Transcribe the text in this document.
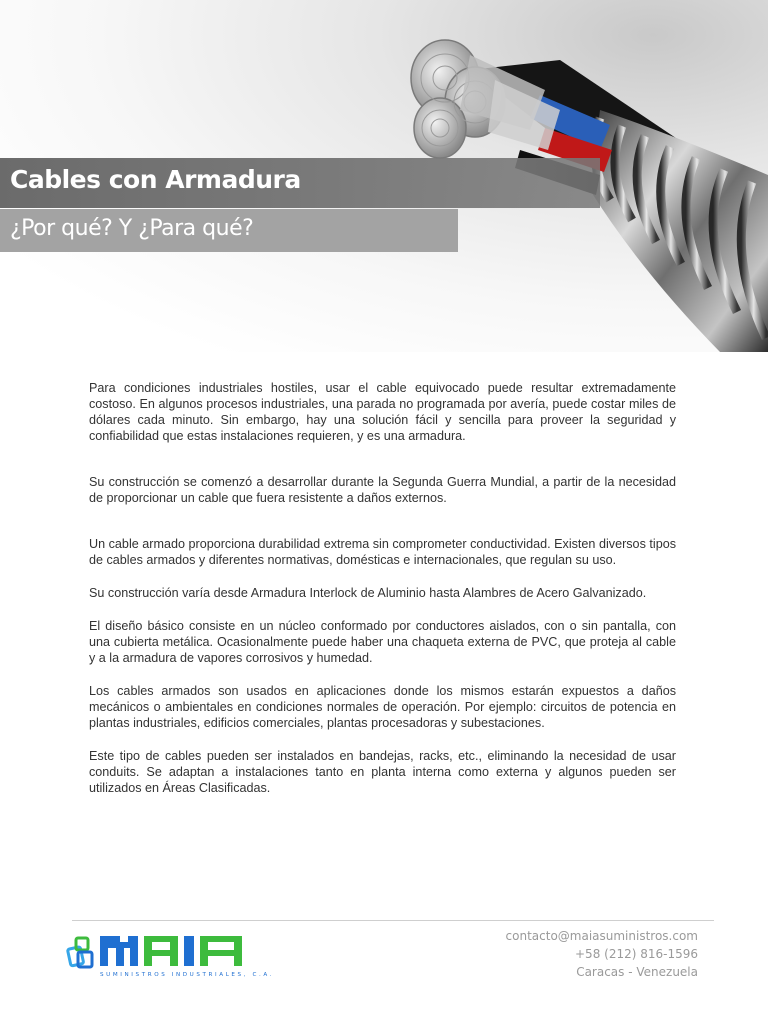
Cables con Armadura
¿Por qué? Y ¿Para qué?

Para condiciones industriales hostiles, usar el cable equivocado puede resultar extremadamente costoso. En algunos procesos industriales, una parada no programada por avería, puede costar miles de dólares cada minuto. Sin embargo, hay una solución fácil y sencilla para proveer la seguridad y confiabilidad que estas instalaciones requieren, y es una armadura.

Su construcción se comenzó a desarrollar durante la Segunda Guerra Mundial, a partir de la necesidad de proporcionar un cable que fuera resistente a daños externos.

Un cable armado proporciona durabilidad extrema sin comprometer conductividad. Existen diversos tipos de cables armados y diferentes normativas, domésticas e internacionales, que regulan su uso.

Su construcción varía desde Armadura Interlock de Aluminio hasta Alambres de Acero Galvanizado.

El diseño básico consiste en un núcleo conformado por conductores aislados, con o sin pantalla, con una cubierta metálica. Ocasionalmente puede haber una chaqueta externa de PVC, que proteja al cable y a la armadura de vapores corrosivos y humedad.

Los cables armados son usados en aplicaciones donde los mismos estarán expuestos a daños mecánicos o ambientales en condiciones normales de operación. Por ejemplo: circuitos de potencia en plantas industriales, edificios comerciales, plantas procesadoras y subestaciones.

Este tipo de cables pueden ser instalados en bandejas, racks, etc., eliminando la necesidad de usar conduits. Se adaptan a instalaciones tanto en planta interna como externa y algunos pueden ser utilizados en Áreas Clasificadas.

SUMINISTROS INDUSTRIALES, C.A.
contacto@maiasuministros.com
+58 (212) 816-1596
Caracas - Venezuela
